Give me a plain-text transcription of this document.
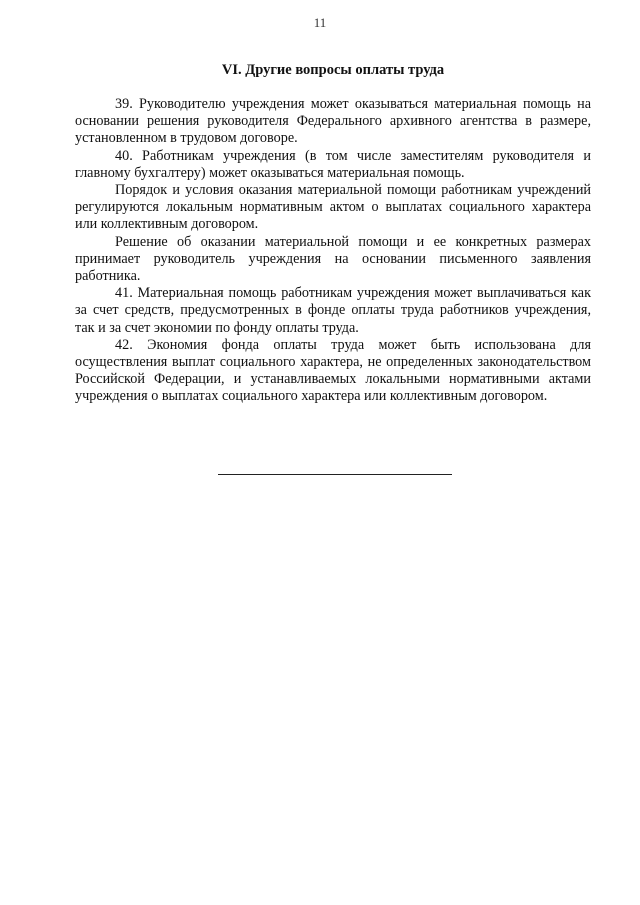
11
VI. Другие вопросы оплаты труда

39. Руководителю учреждения может оказываться материальная помощь на основании решения руководителя Федерального архивного агентства в размере, установленном в трудовом договоре.

40. Работникам учреждения (в том числе заместителям руководителя и главному бухгалтеру) может оказываться материальная помощь.

Порядок и условия оказания материальной помощи работникам учреждений регулируются локальным нормативным актом о выплатах социального характера или коллективным договором.

Решение об оказании материальной помощи и ее конкретных размерах принимает руководитель учреждения на основании письменного заявления работника.

41. Материальная помощь работникам учреждения может выплачиваться как за счет средств, предусмотренных в фонде оплаты труда работников учреждения, так и за счет экономии по фонду оплаты труда.

42. Экономия фонда оплаты труда может быть использована для осуществления выплат социального характера, не определенных законодательством Российской Федерации, и устанавливаемых локальными нормативными актами учреждения о выплатах социального характера или коллективным договором.
